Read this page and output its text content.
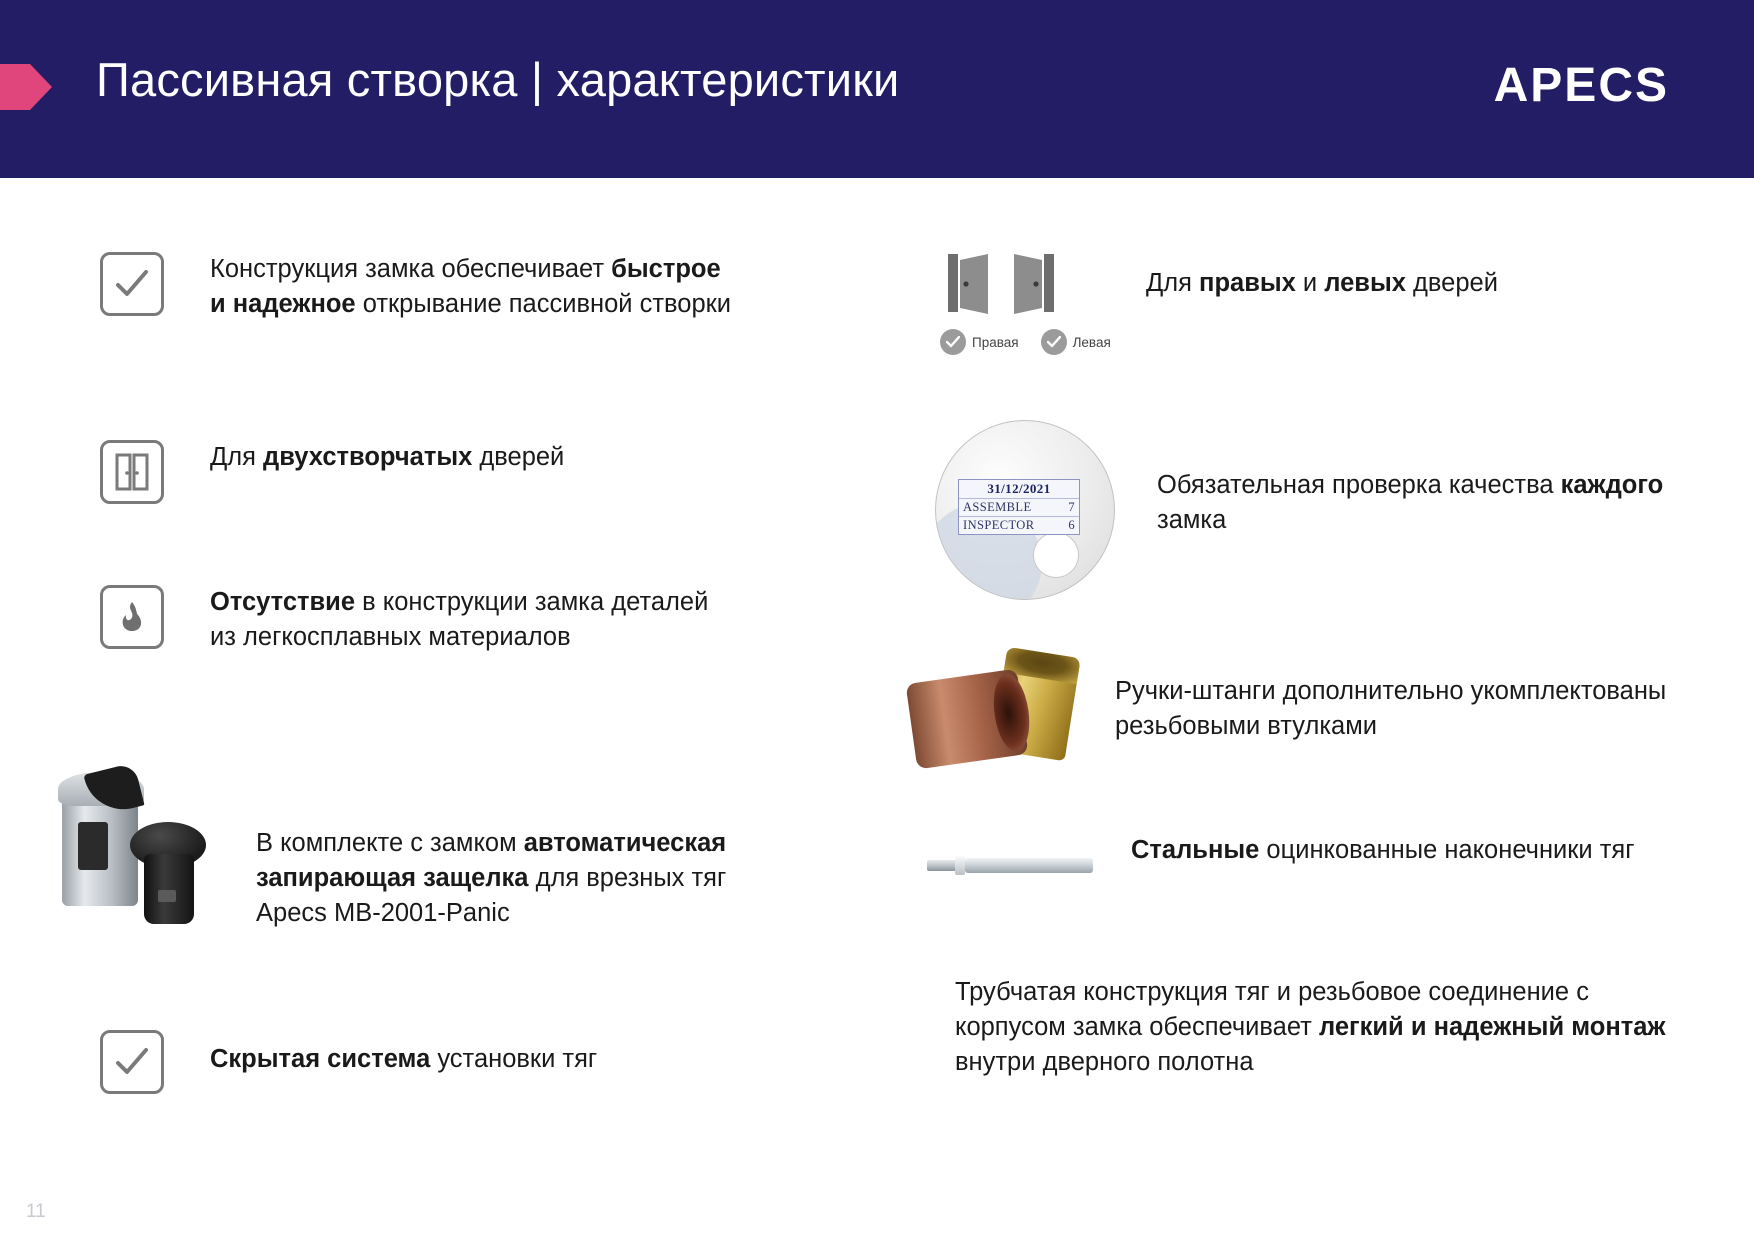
Пассивная створка | характеристики	APECS
Конструкция замка обеспечивает быстрое и надежное открывание пассивной створки
Для двухстворчатых дверей
Отсутствие в конструкции замка деталей из легкосплавных материалов
В комплекте с замком автоматическая запирающая защелка для врезных тяг
Apecs MB-2001-Panic
Скрытая система установки тяг
Правая	Левая
Для правых и левых дверей
31/12/2021
ASSEMBLE	7
INSPECTOR	6
Обязательная проверка качества каждого замка
Ручки-штанги дополнительно укомплектованы резьбовыми втулками
Стальные оцинкованные наконечники тяг
Трубчатая конструкция тяг и резьбовое соединение с корпусом замка обеспечивает легкий и надежный монтаж
внутри дверного полотна
11
